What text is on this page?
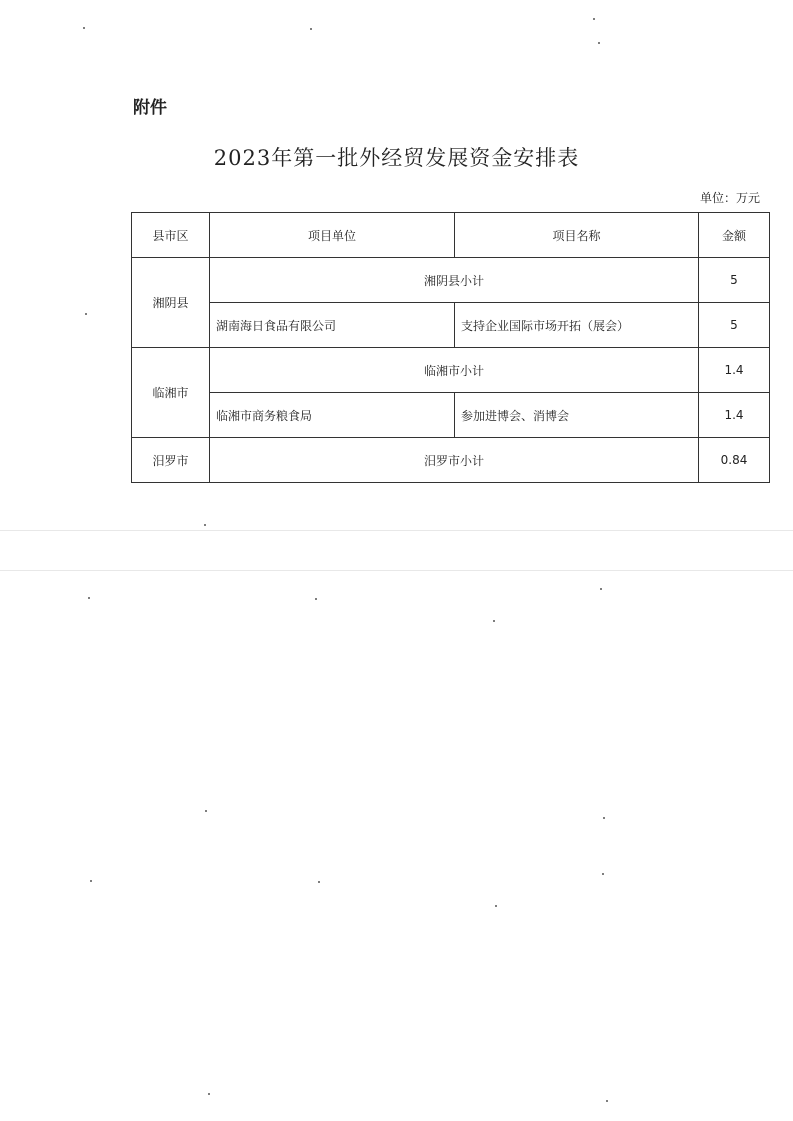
附件
2023年第一批外经贸发展资金安排表
单位：万元
县市区	项目单位	项目名称	金额
湘阴县	湘阴县小计		5
	湖南海日食品有限公司	支持企业国际市场开拓（展会）	5
临湘市	临湘市小计		1.4
	临湘市商务粮食局	参加进博会、消博会	1.4
汨罗市	汨罗市小计		0.84
